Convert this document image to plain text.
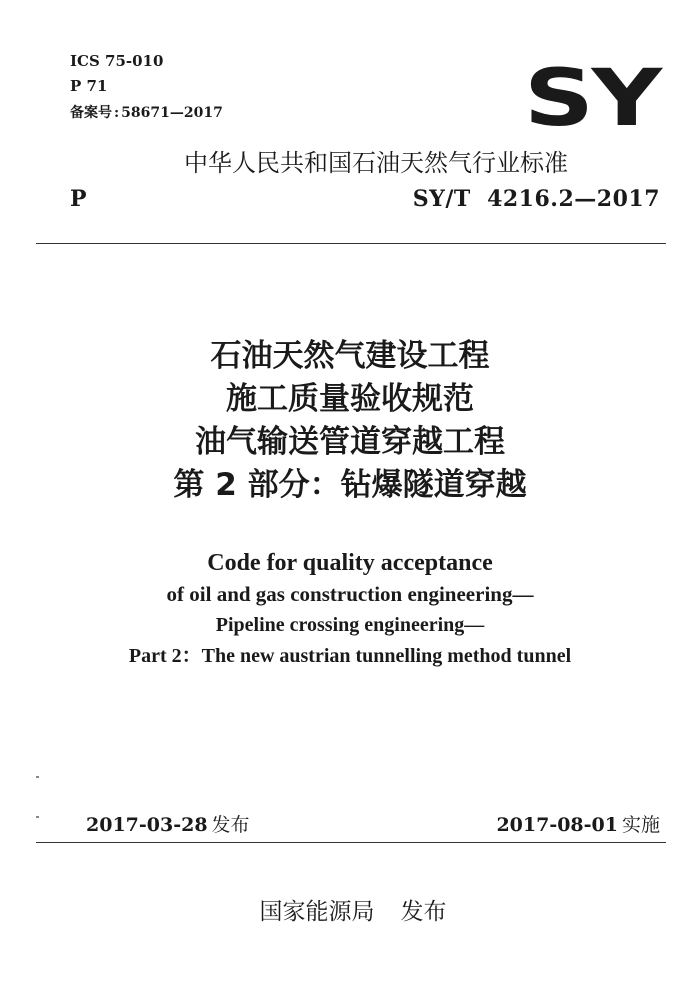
ICS 75-010
P 71
备案号 : 58671—2017	SY
中华人民共和国石油天然气行业标准
P	SY/T  4216.2—2017
石油天然气建设工程
施工质量验收规范
油气输送管道穿越工程
第 2 部分：钻爆隧道穿越
Code for quality acceptance
of oil and gas construction engineering—
Pipeline crossing engineering—
Part 2：The new austrian tunnelling method tunnel
2017-03-28 发布	2017-08-01 实施
国家能源局 发布
